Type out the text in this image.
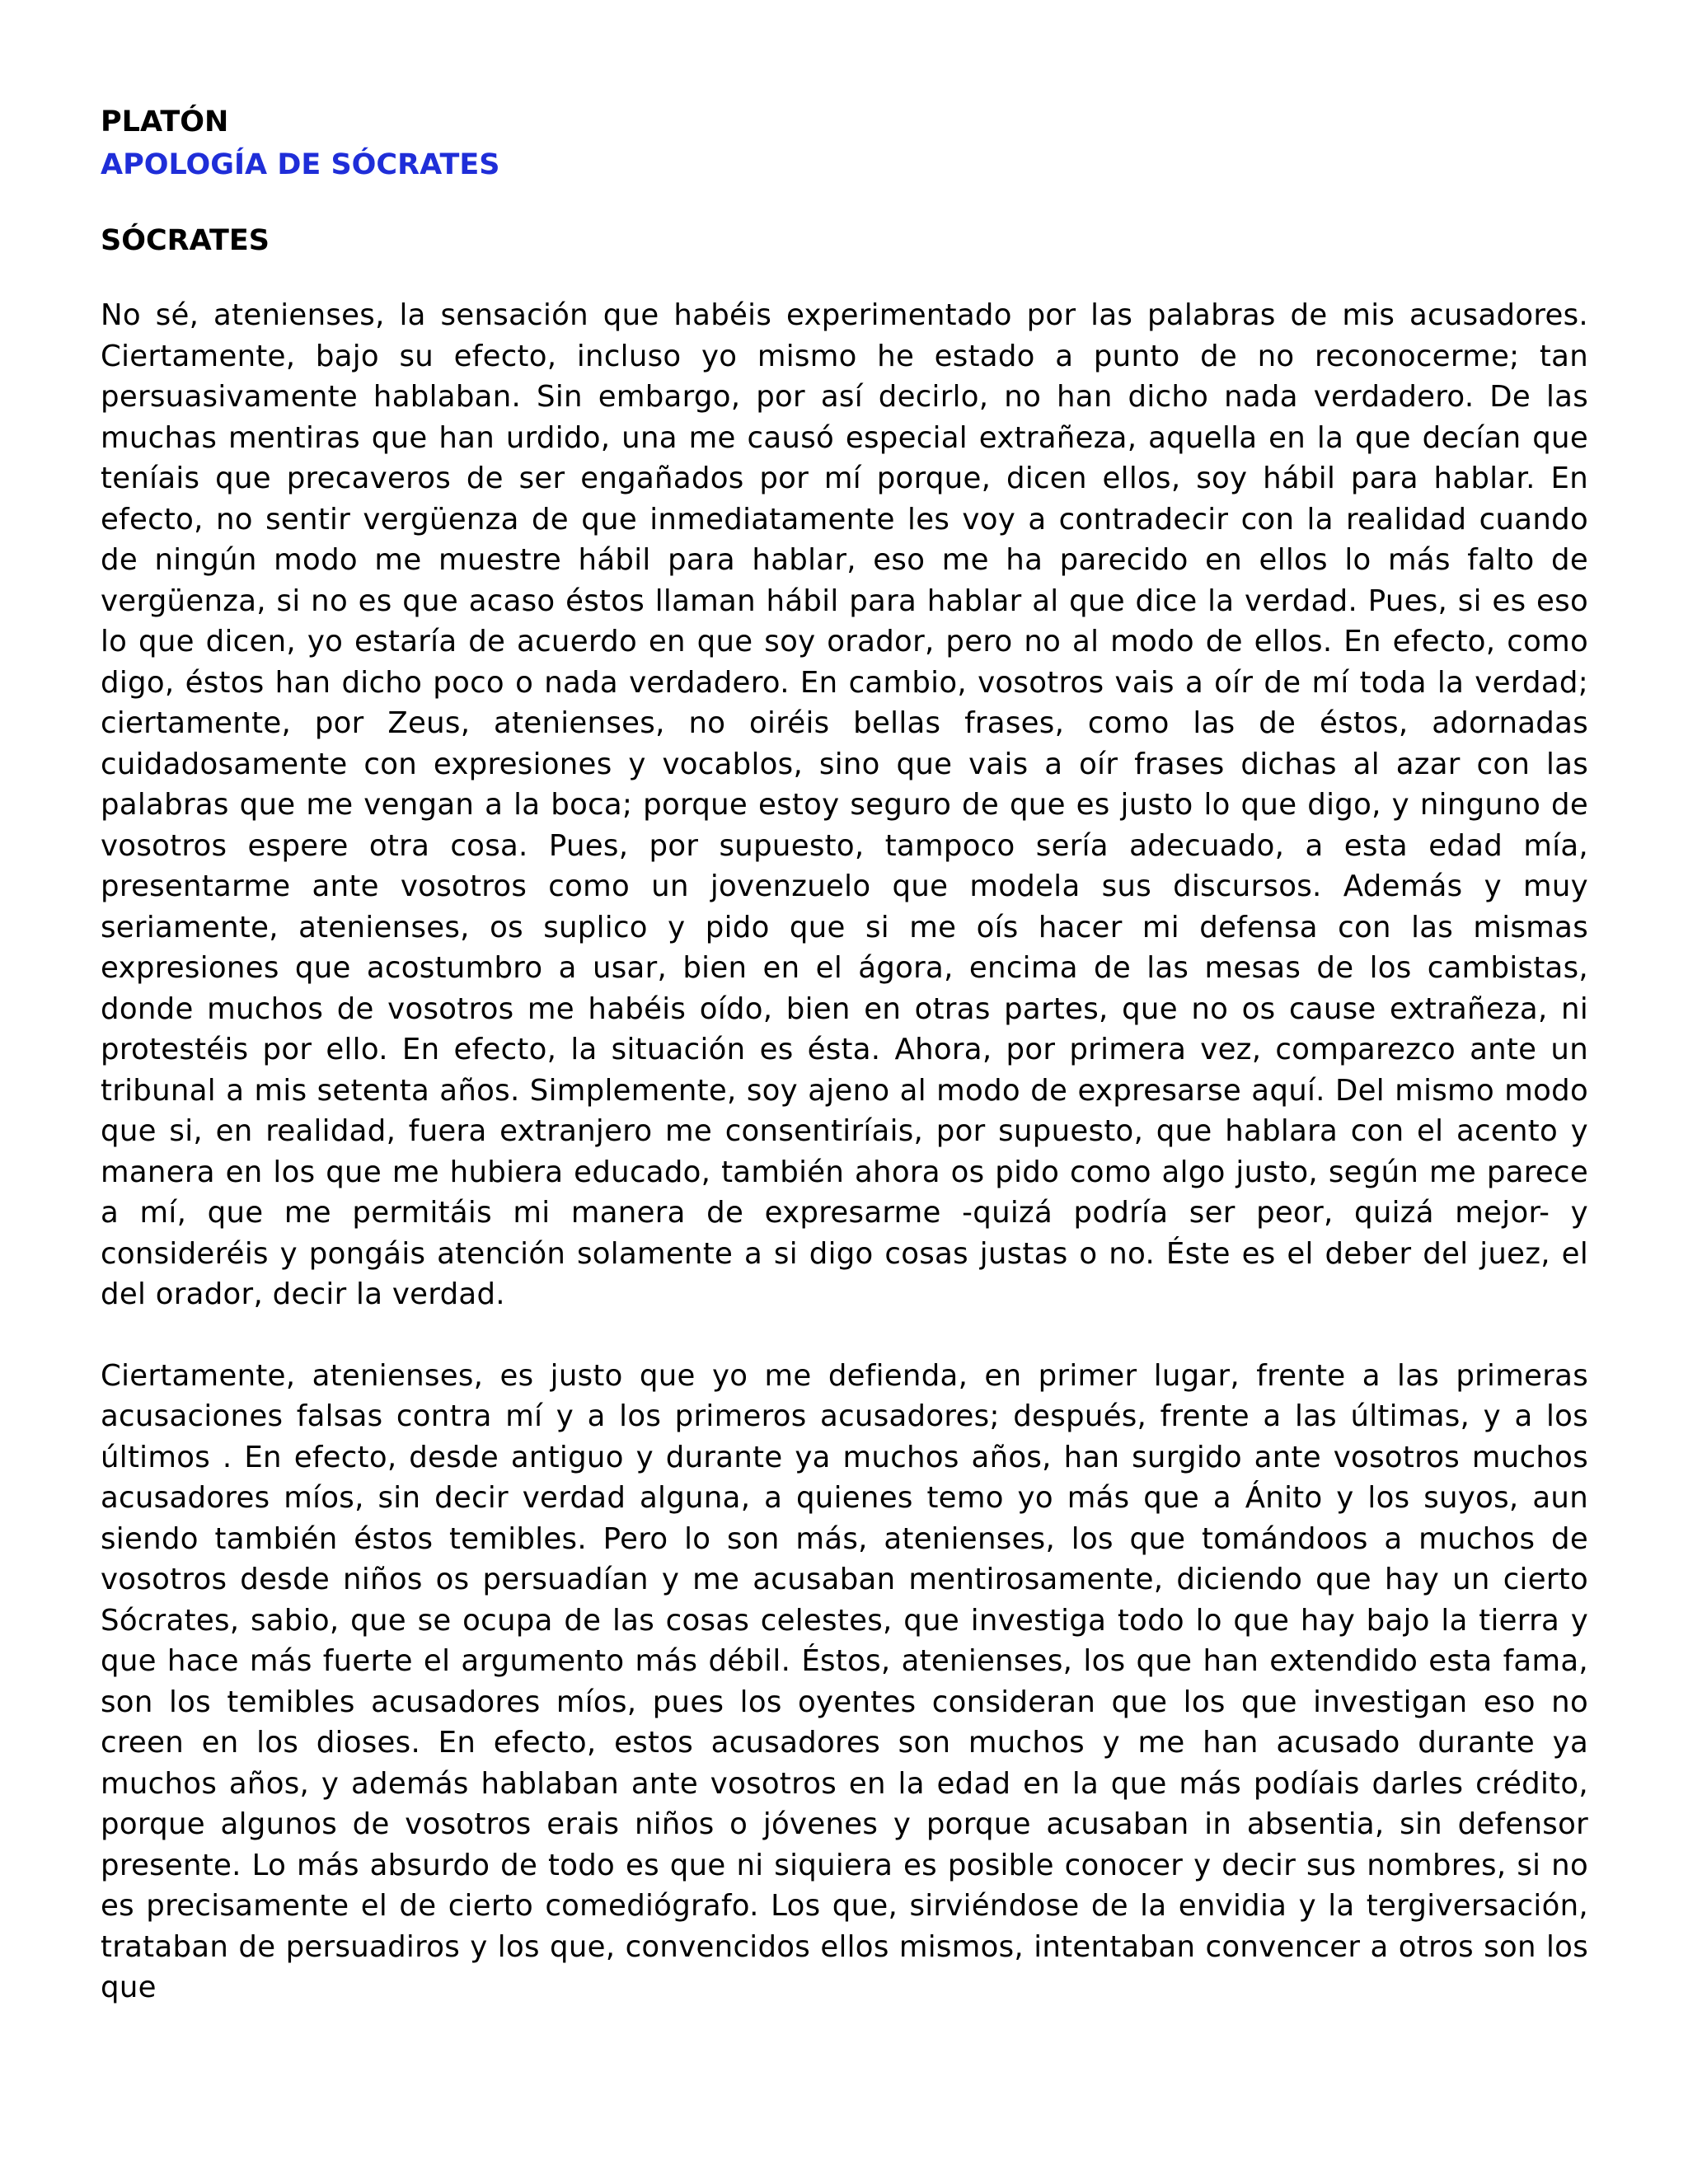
PLATÓN

APOLOGÍA DE SÓCRATES

SÓCRATES

No sé, atenienses, la sensación que habéis experimentado por las palabras de mis acusadores. Ciertamente, bajo su efecto, incluso yo mismo he estado a punto de no reconocerme; tan persuasivamente hablaban. Sin embargo, por así decirlo, no han dicho nada verdadero. De las muchas mentiras que han urdido, una me causó especial extrañeza, aquella en la que decían que teníais que precaveros de ser engañados por mí porque, dicen ellos, soy hábil para hablar. En efecto, no sentir vergüenza de que inmediatamente les voy a contradecir con la realidad cuando de ningún modo me muestre hábil para hablar, eso me ha parecido en ellos lo más falto de vergüenza, si no es que acaso éstos llaman hábil para hablar al que dice la verdad. Pues, si es eso lo que dicen, yo estaría de acuerdo en que soy orador, pero no al modo de ellos. En efecto, como digo, éstos han dicho poco o nada verdadero. En cambio, vosotros vais a oír de mí toda la verdad; ciertamente, por Zeus, atenienses, no oiréis bellas frases, como las de éstos, adornadas cuidadosamente con expresiones y vocablos, sino que vais a oír frases dichas al azar con las palabras que me vengan a la boca; porque estoy seguro de que es justo lo que digo, y ninguno de vosotros espere otra cosa. Pues, por supuesto, tampoco sería adecuado, a esta edad mía, presentarme ante vosotros como un jovenzuelo que modela sus discursos. Además y muy seriamente, atenienses, os suplico y pido que si me oís hacer mi defensa con las mismas expresiones que acostumbro a usar, bien en el ágora, encima de las mesas de los cambistas, donde muchos de vosotros me habéis oído, bien en otras partes, que no os cause extrañeza, ni protestéis por ello. En efecto, la situación es ésta. Ahora, por primera vez, comparezco ante un tribunal a mis setenta años. Simplemente, soy ajeno al modo de expresarse aquí. Del mismo modo que si, en realidad, fuera extranjero me consentiríais, por supuesto, que hablara con el acento y manera en los que me hubiera educado, también ahora os pido como algo justo, según me parece a mí, que me permitáis mi manera de expresarme -quizá podría ser peor, quizá mejor- y consideréis y pongáis atención solamente a si digo cosas justas o no. Éste es el deber del juez, el del orador, decir la verdad.

Ciertamente, atenienses, es justo que yo me defienda, en primer lugar, frente a las primeras acusaciones falsas contra mí y a los primeros acusadores; después, frente a las últimas, y a los últimos . En efecto, desde antiguo y durante ya muchos años, han surgido ante vosotros muchos acusadores míos, sin decir verdad alguna, a quienes temo yo más que a Ánito y los suyos, aun siendo también éstos temibles. Pero lo son más, atenienses, los que tomándoos a muchos de vosotros desde niños os persuadían y me acusaban mentirosamente, diciendo que hay un cierto Sócrates, sabio, que se ocupa de las cosas celestes, que investiga todo lo que hay bajo la tierra y que hace más fuerte el argumento más débil. Éstos, atenienses, los que han extendido esta fama, son los temibles acusadores míos, pues los oyentes consideran que los que investigan eso no creen en los dioses. En efecto, estos acusadores son muchos y me han acusado durante ya muchos años, y además hablaban ante vosotros en la edad en la que más podíais darles crédito, porque algunos de vosotros erais niños o jóvenes y porque acusaban in absentia, sin defensor presente. Lo más absurdo de todo es que ni siquiera es posible conocer y decir sus nombres, si no es precisamente el de cierto comediógrafo. Los que, sirviéndose de la envidia y la tergiversación, trataban de persuadiros y los que, convencidos ellos mismos, intentaban convencer a otros son los que
